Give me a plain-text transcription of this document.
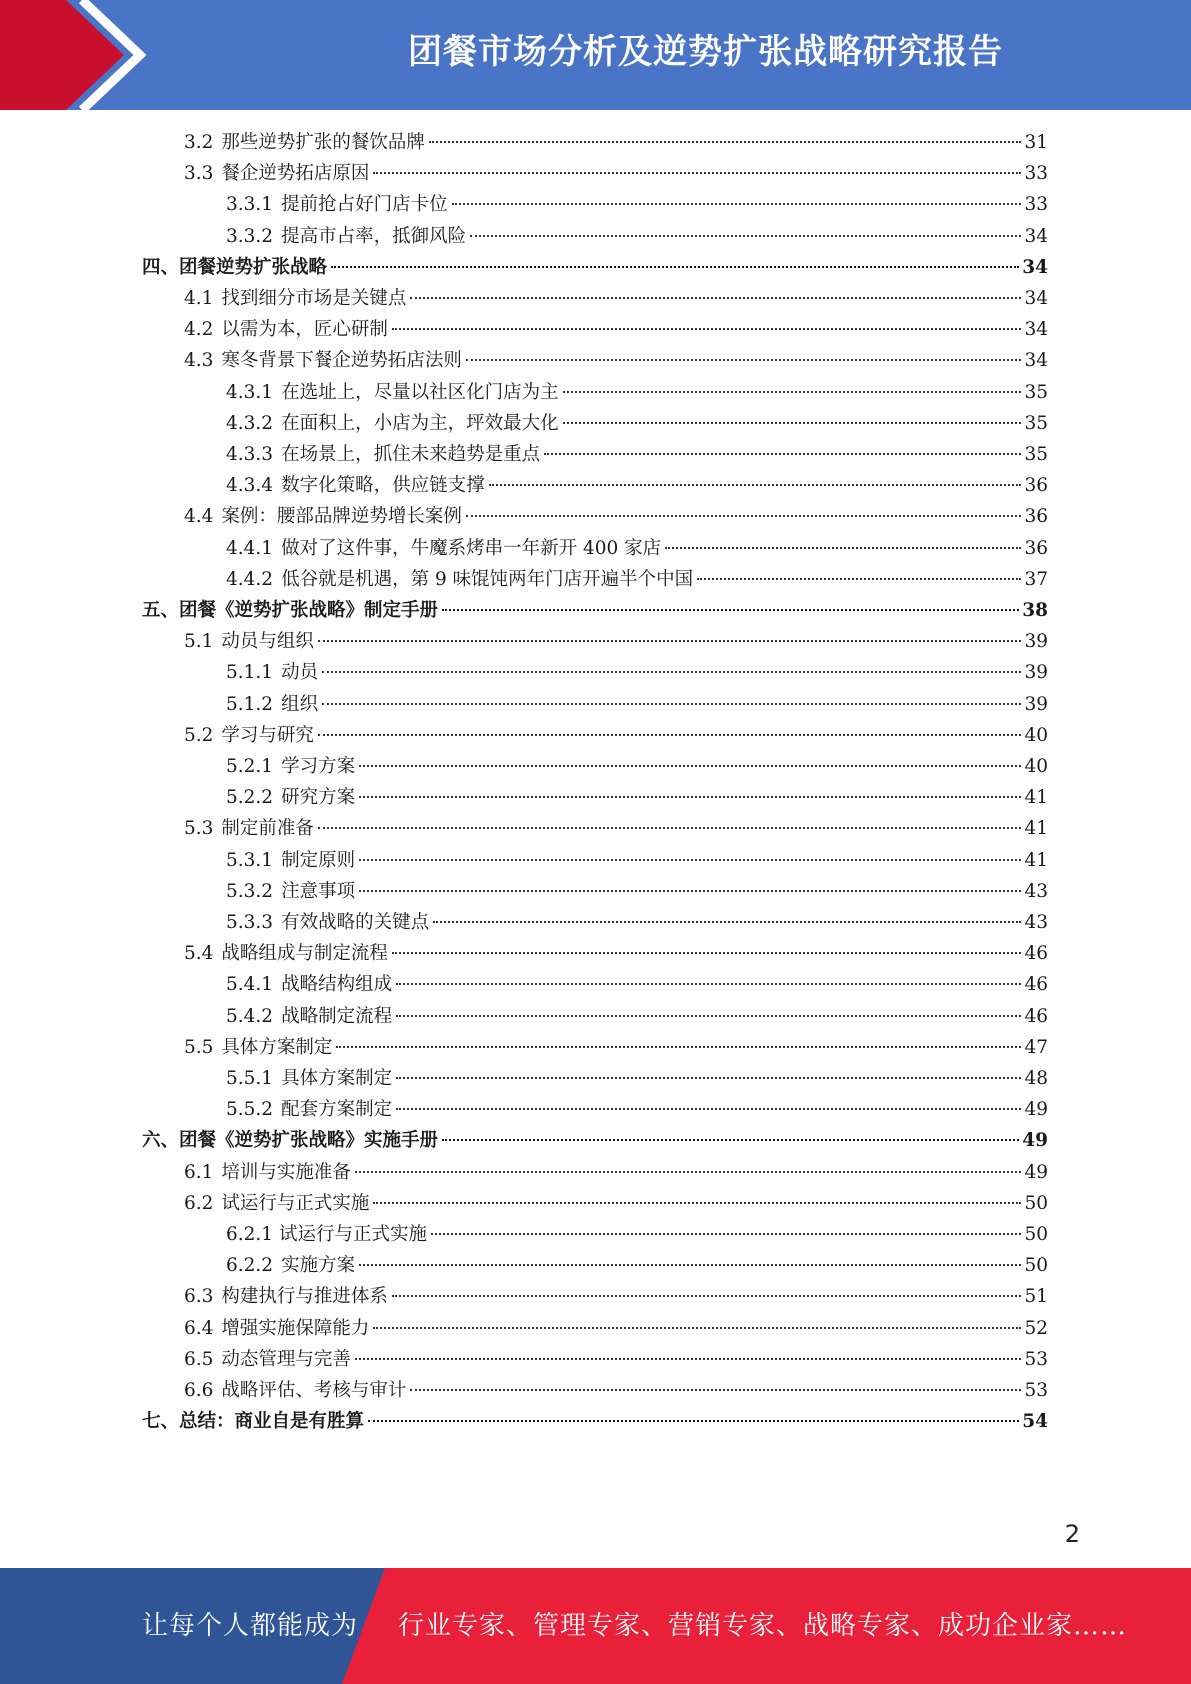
团餐市场分析及逆势扩张战略研究报告
3.2 那些逆势扩张的餐饮品牌	31
3.3 餐企逆势拓店原因	33
3.3.1 提前抢占好门店卡位	33
3.3.2 提高市占率，抵御风险	34
四、团餐逆势扩张战略	34
4.1 找到细分市场是关键点	34
4.2 以需为本，匠心研制	34
4.3 寒冬背景下餐企逆势拓店法则	34
4.3.1 在选址上，尽量以社区化门店为主	35
4.3.2 在面积上，小店为主，坪效最大化	35
4.3.3 在场景上，抓住未来趋势是重点	35
4.3.4 数字化策略，供应链支撑	36
4.4 案例：腰部品牌逆势增长案例	36
4.4.1 做对了这件事，牛魔系烤串一年新开 400 家店	36
4.4.2 低谷就是机遇，第 9 味馄饨两年门店开遍半个中国	37
五、团餐《逆势扩张战略》制定手册	38
5.1 动员与组织	39
5.1.1 动员	39
5.1.2 组织	39
5.2 学习与研究	40
5.2.1 学习方案	40
5.2.2 研究方案	41
5.3 制定前准备	41
5.3.1 制定原则	41
5.3.2 注意事项	43
5.3.3 有效战略的关键点	43
5.4 战略组成与制定流程	46
5.4.1 战略结构组成	46
5.4.2 战略制定流程	46
5.5 具体方案制定	47
5.5.1 具体方案制定	48
5.5.2 配套方案制定	49
六、团餐《逆势扩张战略》实施手册	49
6.1 培训与实施准备	49
6.2 试运行与正式实施	50
6.2.1 试运行与正式实施	50
6.2.2 实施方案	50
6.3 构建执行与推进体系	51
6.4 增强实施保障能力	52
6.5 动态管理与完善	53
6.6 战略评估、考核与审计	53
七、总结：商业自是有胜算	54
2
让每个人都能成为 行业专家、管理专家、营销专家、战略专家、成功企业家……
